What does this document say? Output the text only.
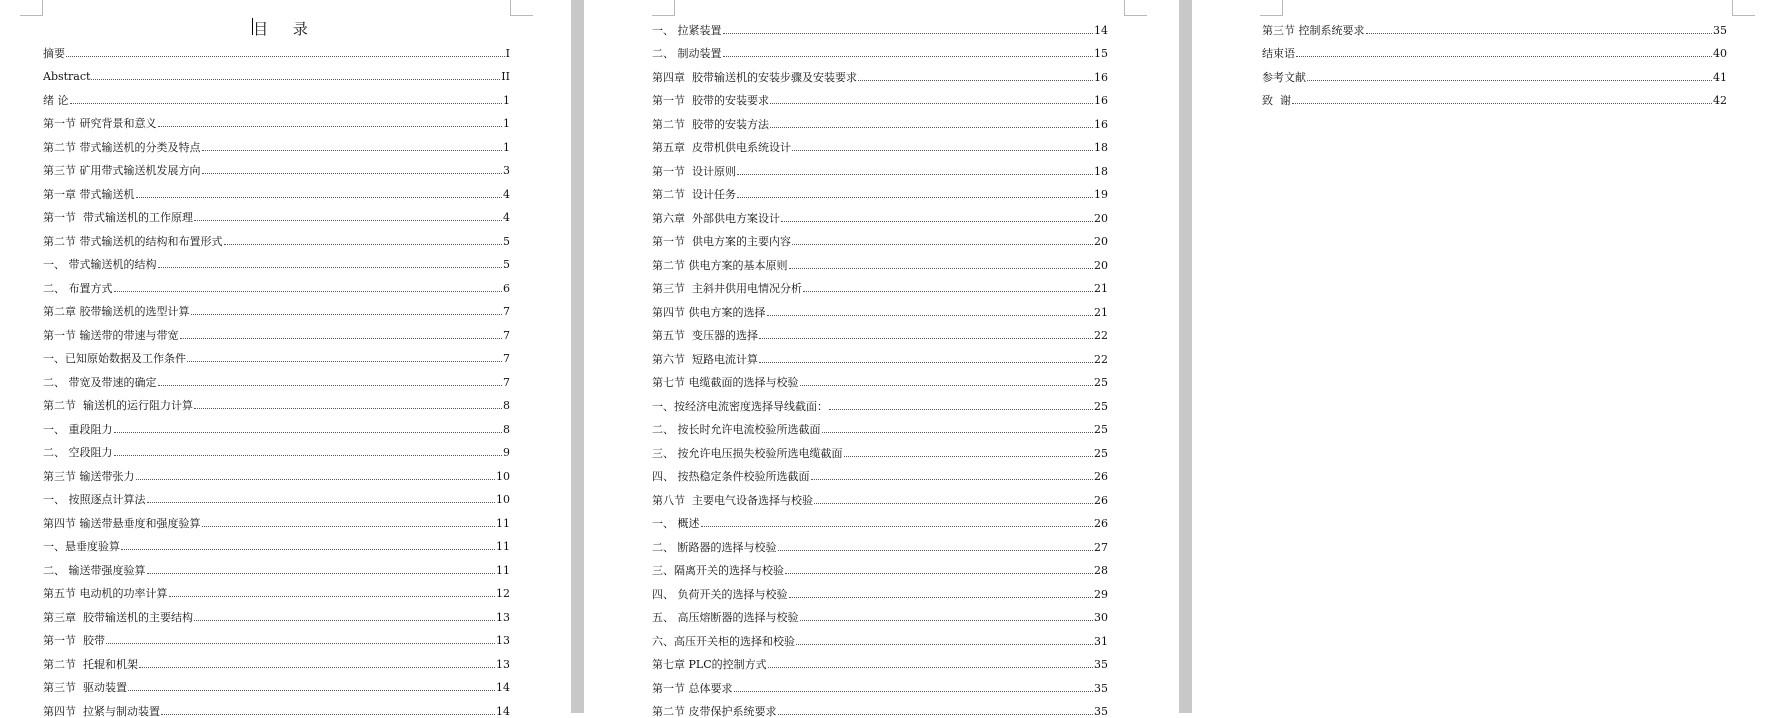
目 录
摘要	I
Abstract	II
绪 论	1
第一节 研究背景和意义	1
第二节 带式输送机的分类及特点	1
第三节 矿用带式输送机发展方向	3
第一章 带式输送机	4
第一节  带式输送机的工作原理	4
第二节 带式输送机的结构和布置形式	5
一、 带式输送机的结构	5
二、 布置方式	6
第二章 胶带输送机的选型计算	7
第一节 输送带的带速与带宽	7
一、已知原始数据及工作条件	7
二、 带宽及带速的确定	7
第二节  输送机的运行阻力计算	8
一、 重段阻力	8
二、 空段阻力	9
第三节 输送带张力	10
一、 按照逐点计算法	10
第四节 输送带悬垂度和强度验算	11
一、悬垂度验算	11
二、 输送带强度验算	11
第五节 电动机的功率计算	12
第三章  胶带输送机的主要结构	13
第一节  胶带	13
第二节  托辊和机架	13
第三节  驱动装置	14
第四节  拉紧与制动装置	14
一、 拉紧装置	14
二、 制动装置	15
第四章  胶带输送机的安装步骤及安装要求	16
第一节  胶带的安装要求	16
第二节  胶带的安装方法	16
第五章  皮带机供电系统设计	18
第一节  设计原则	18
第二节  设计任务	19
第六章  外部供电方案设计	20
第一节  供电方案的主要内容	20
第二节 供电方案的基本原则	20
第三节  主斜井供用电情况分析	21
第四节 供电方案的选择	21
第五节  变压器的选择	22
第六节  短路电流计算	22
第七节 电缆截面的选择与校验	25
一、按经济电流密度选择导线截面：	25
二、 按长时允许电流校验所选截面	25
三、 按允许电压损失校验所选电缆截面	25
四、 按热稳定条件校验所选截面	26
第八节  主要电气设备选择与校验	26
一、 概述	26
二、 断路器的选择与校验	27
三、隔离开关的选择与校验	28
四、 负荷开关的选择与校验	29
五、 高压熔断器的选择与校验	30
六、高压开关柜的选择和校验	31
第七章 PLC的控制方式	35
第一节 总体要求	35
第二节 皮带保护系统要求	35
第三节 控制系统要求	35
结束语	40
参考文献	41
致  谢	42
